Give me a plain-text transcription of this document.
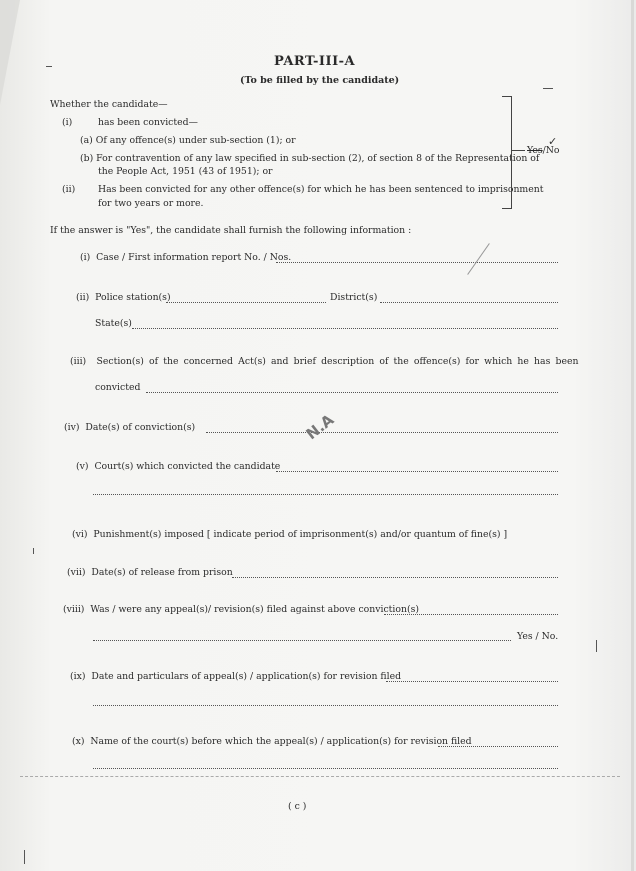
PART-III-A
(To be filled by the candidate)
Whether the candidate—
(i)	has been convicted—
(a) Of any offence(s) under sub-section (1); or
(b) For contravention of any law specified in sub-section (2), of section 8 of the Representation of
the People Act, 1951 (43 of 1951); or
(ii) Has been convicted for any other offence(s) for which he has been sentenced to imprisonment
for two years or more.
✓
Yes/No
If the answer is "Yes", the candidate shall furnish the following information :
(i) Case / First information report No. / Nos.
(ii) Police station(s)	District(s)
State(s)
(iii) Section(s) of the concerned Act(s) and brief description of the offence(s) for which he has been
convicted
(iv) Date(s) of conviction(s)	N.A
(v) Court(s) which convicted the candidate
(vi) Punishment(s) imposed [ indicate period of imprisonment(s) and/or quantum of fine(s) ]
(vii) Date(s) of release from prison
(viii) Was / were any appeal(s)/ revision(s) filed against above conviction(s)
Yes / No.
(ix) Date and particulars of appeal(s) / application(s) for revision filed
(x) Name of the court(s) before which the appeal(s) / application(s) for revision filed
( c )
